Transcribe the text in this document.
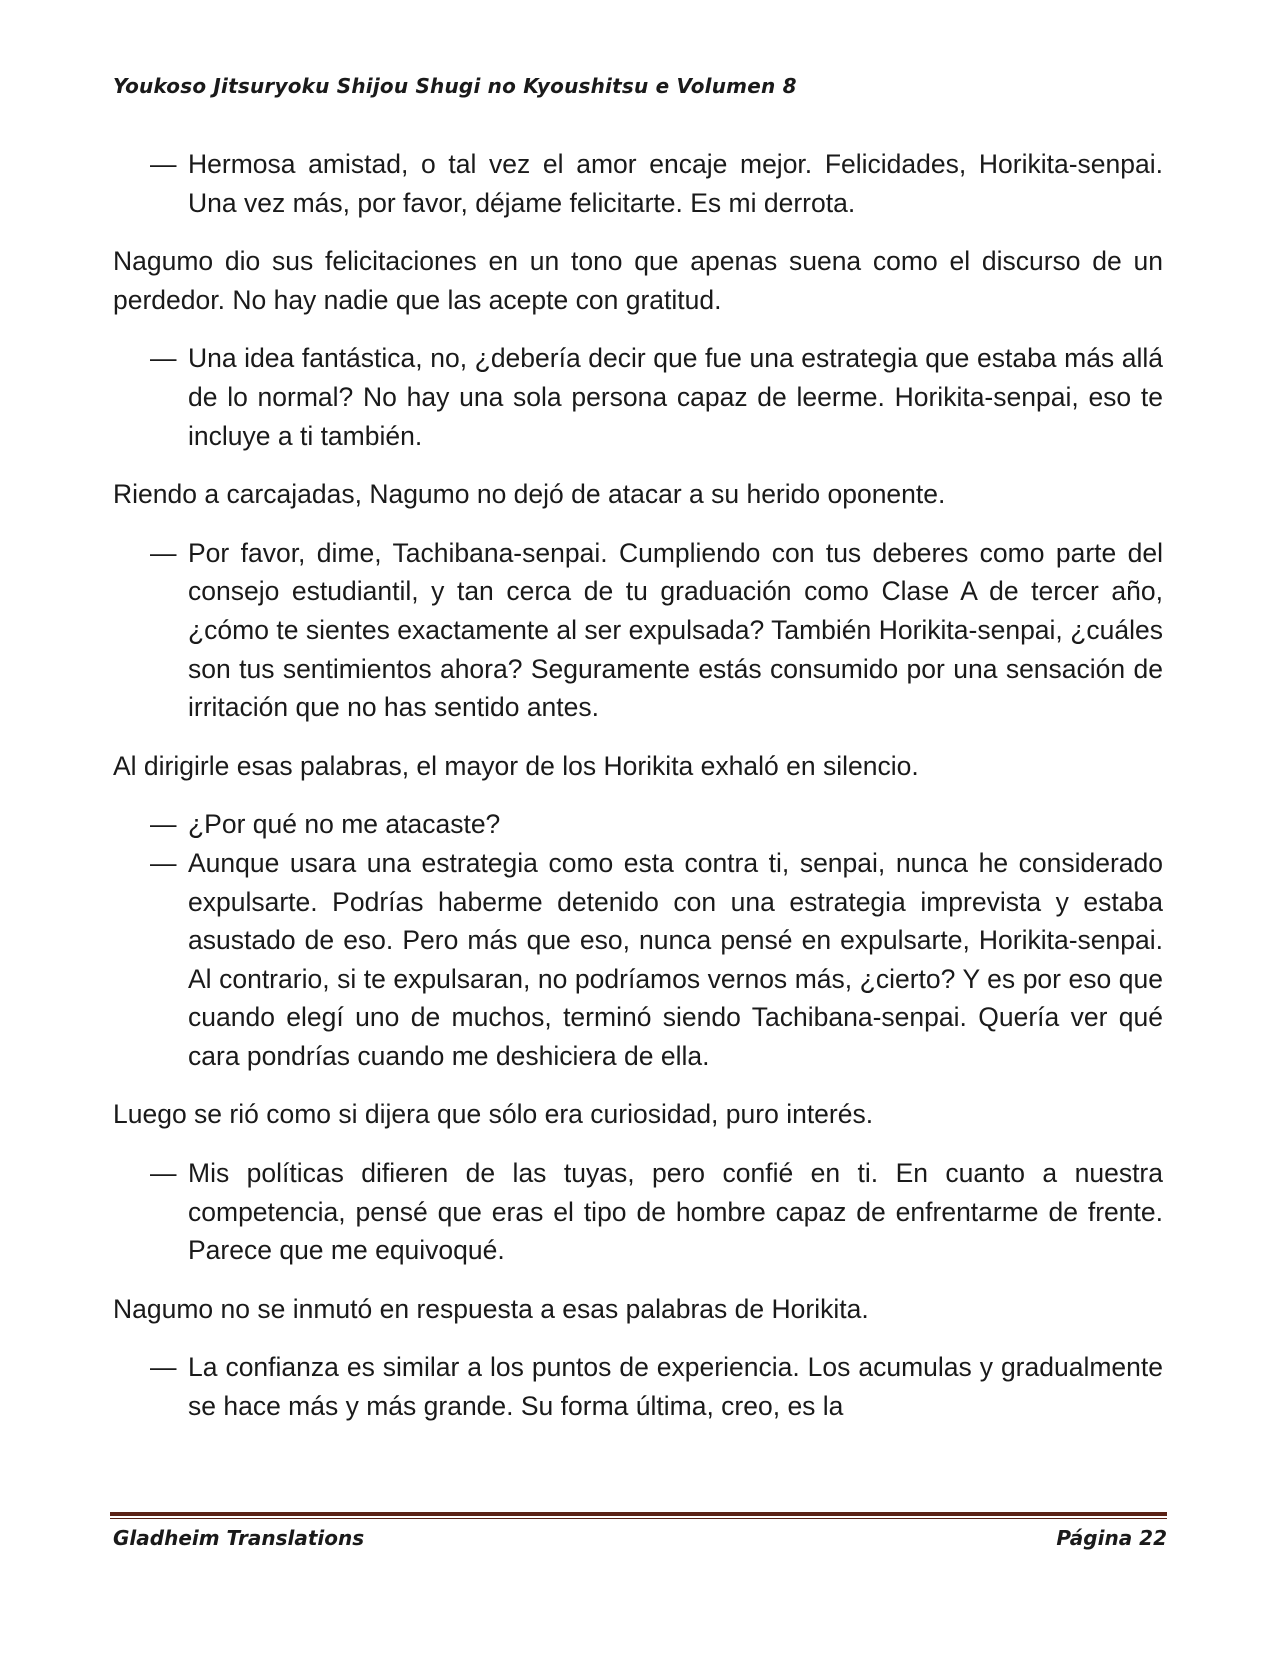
Youkoso Jitsuryoku Shijou Shugi no Kyoushitsu e Volumen 8
— Hermosa amistad, o tal vez el amor encaje mejor. Felicidades, Horikita-senpai. Una vez más, por favor, déjame felicitarte. Es mi derrota.

Nagumo dio sus felicitaciones en un tono que apenas suena como el discurso de un perdedor. No hay nadie que las acepte con gratitud.

— Una idea fantástica, no, ¿debería decir que fue una estrategia que estaba más allá de lo normal? No hay una sola persona capaz de leerme. Horikita-senpai, eso te incluye a ti también.

Riendo a carcajadas, Nagumo no dejó de atacar a su herido oponente.

— Por favor, dime, Tachibana-senpai. Cumpliendo con tus deberes como parte del consejo estudiantil, y tan cerca de tu graduación como Clase A de tercer año, ¿cómo te sientes exactamente al ser expulsada? También Horikita-senpai, ¿cuáles son tus sentimientos ahora? Seguramente estás consumido por una sensación de irritación que no has sentido antes.

Al dirigirle esas palabras, el mayor de los Horikita exhaló en silencio.

— ¿Por qué no me atacaste?
— Aunque usara una estrategia como esta contra ti, senpai, nunca he considerado expulsarte. Podrías haberme detenido con una estrategia imprevista y estaba asustado de eso. Pero más que eso, nunca pensé en expulsarte, Horikita-senpai. Al contrario, si te expulsaran, no podríamos vernos más, ¿cierto? Y es por eso que cuando elegí uno de muchos, terminó siendo Tachibana-senpai. Quería ver qué cara pondrías cuando me deshiciera de ella.

Luego se rió como si dijera que sólo era curiosidad, puro interés.

— Mis políticas difieren de las tuyas, pero confié en ti. En cuanto a nuestra competencia, pensé que eras el tipo de hombre capaz de enfrentarme de frente. Parece que me equivoqué.

Nagumo no se inmutó en respuesta a esas palabras de Horikita.

— La confianza es similar a los puntos de experiencia. Los acumulas y gradualmente se hace más y más grande. Su forma última, creo, es la
Gladheim Translations	Página 22
